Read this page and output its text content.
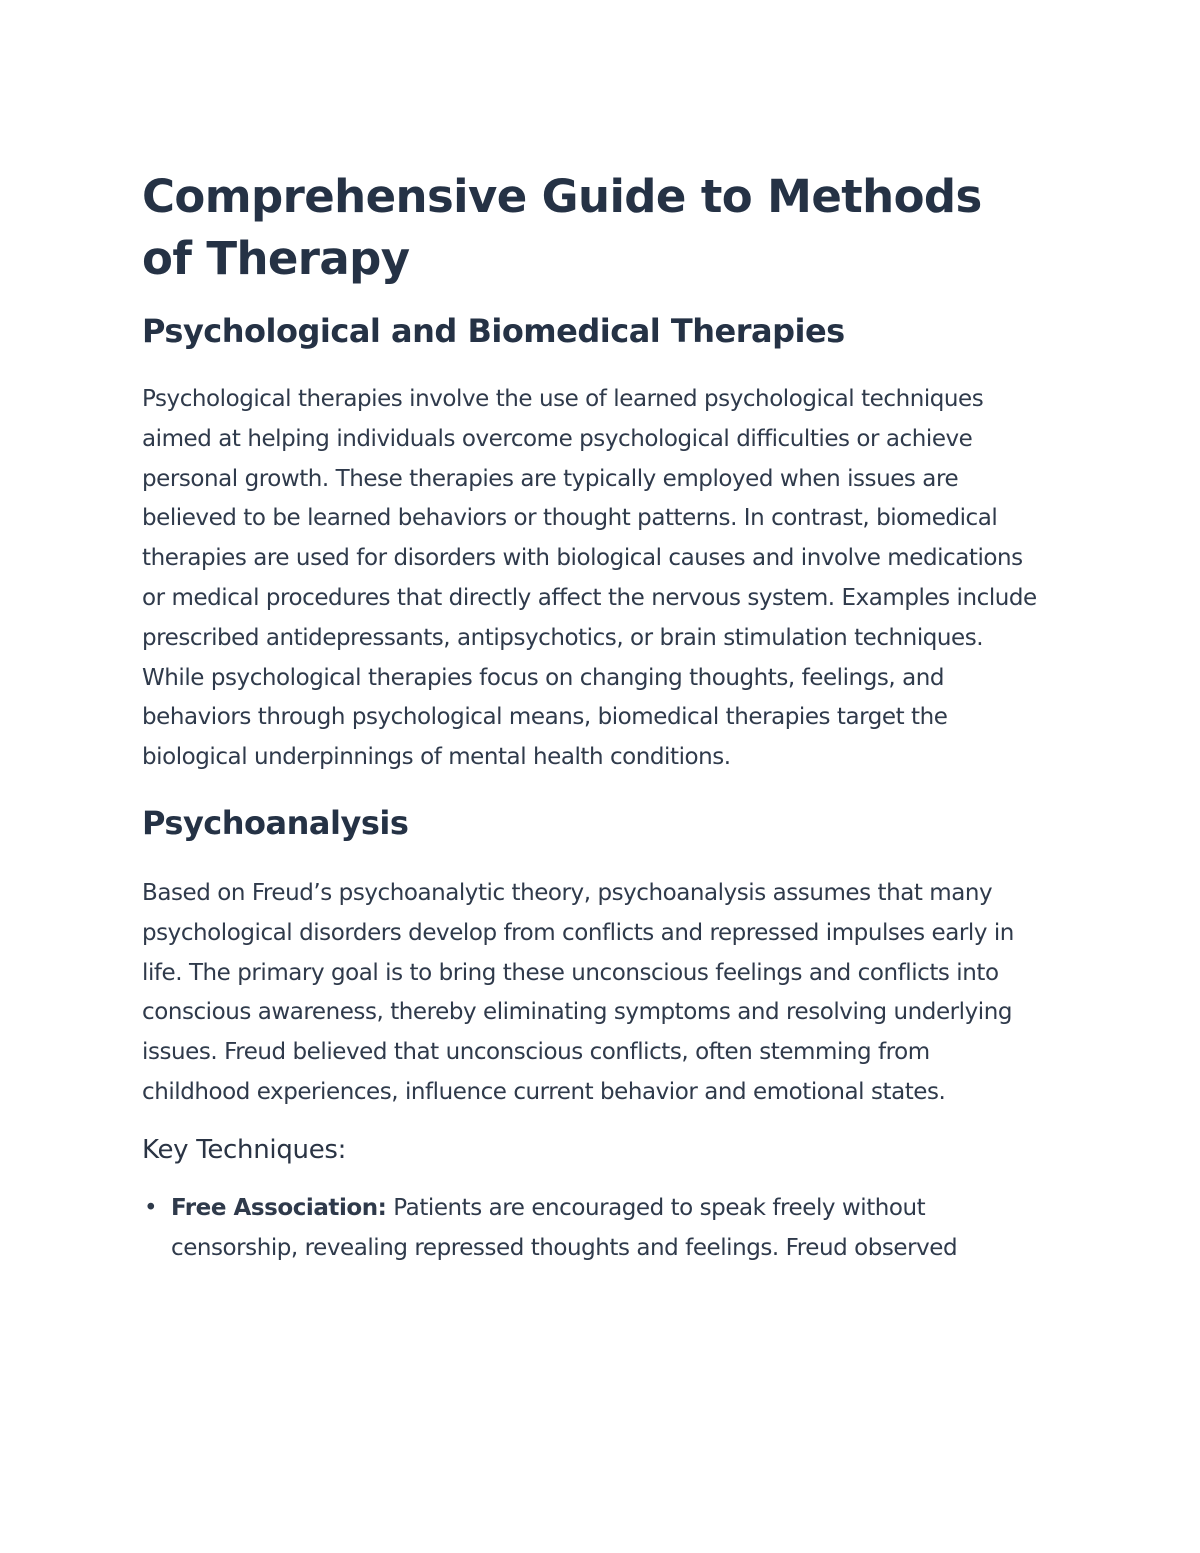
Comprehensive Guide to Methods of Therapy
Psychological and Biomedical Therapies

Psychological therapies involve the use of learned psychological techniques aimed at helping individuals overcome psychological difficulties or achieve personal growth. These therapies are typically employed when issues are believed to be learned behaviors or thought patterns. In contrast, biomedical therapies are used for disorders with biological causes and involve medications or medical procedures that directly affect the nervous system. Examples include prescribed antidepressants, antipsychotics, or brain stimulation techniques. While psychological therapies focus on changing thoughts, feelings, and behaviors through psychological means, biomedical therapies target the biological underpinnings of mental health conditions.

Psychoanalysis

Based on Freud’s psychoanalytic theory, psychoanalysis assumes that many psychological disorders develop from conflicts and repressed impulses early in life. The primary goal is to bring these unconscious feelings and conflicts into conscious awareness, thereby eliminating symptoms and resolving underlying issues. Freud believed that unconscious conflicts, often stemming from childhood experiences, influence current behavior and emotional states.

Key Techniques:
• Free Association: Patients are encouraged to speak freely without censorship, revealing repressed thoughts and feelings. Freud observed
